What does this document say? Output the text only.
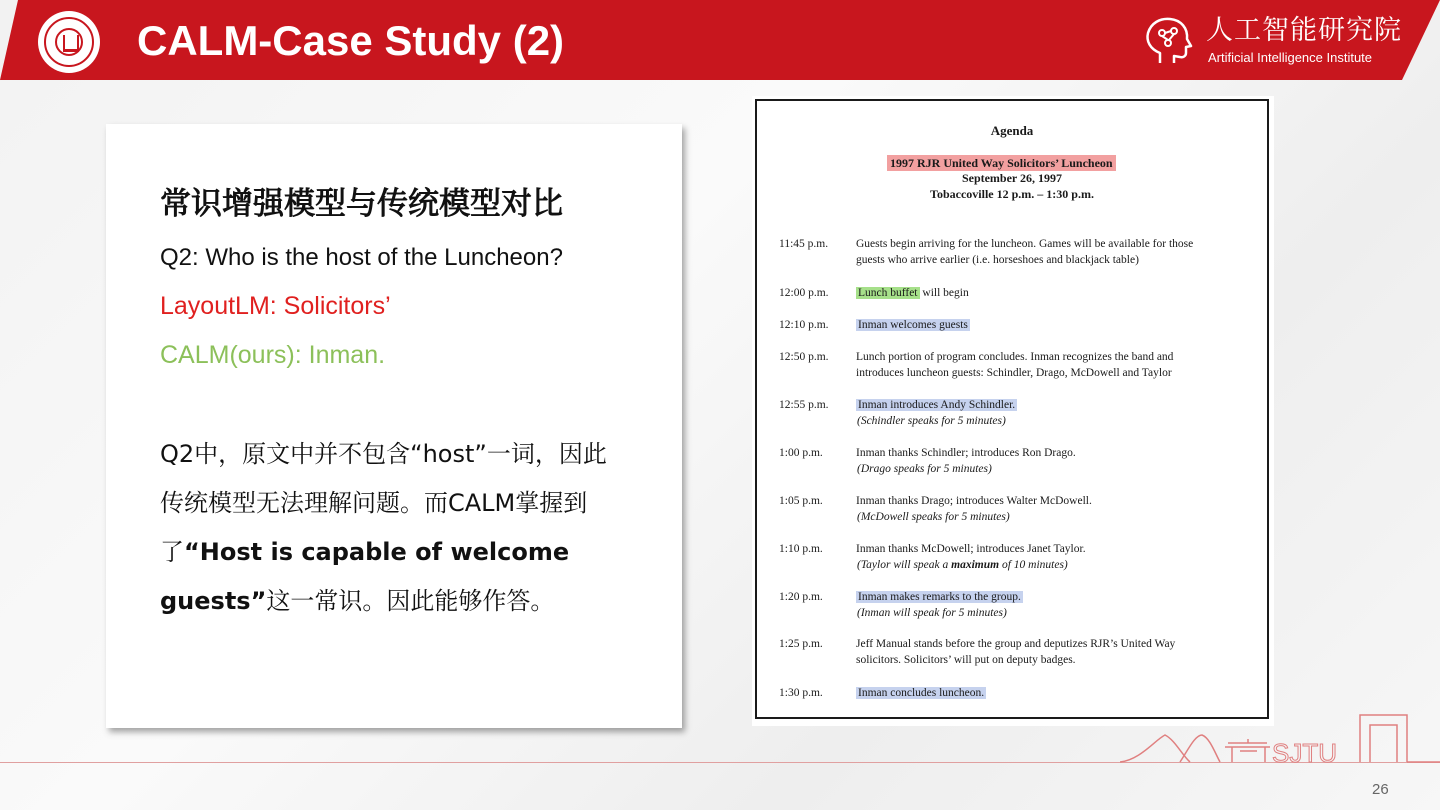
CALM-Case Study (2)	人工智能研究院
Artificial Intelligence Institute
常识增强模型与传统模型对比
Q2: Who is the host of the Luncheon?
LayoutLM: Solicitors’
CALM(ours): Inman.
Q2中，原文中并不包含“host”一词，因此传统模型无法理解问题。而CALM掌握到了“Host is capable of welcome guests”这一常识。因此能够作答。
Agenda
1997 RJR United Way Solicitors’ Luncheon
September 26, 1997
Tobaccoville 12 p.m. – 1:30 p.m.
11:45 p.m. Guests begin arriving for the luncheon. Games will be available for those
guests who arrive earlier (i.e. horseshoes and blackjack table)
12:00 p.m.	Lunch buffet will begin
12:10 p.m.	Inman welcomes guests
12:50 p.m. Lunch portion of program concludes. Inman recognizes the band and
introduces luncheon guests: Schindler, Drago, McDowell and Taylor
12:55 p.m.	Inman introduces Andy Schindler.
(Schindler speaks for 5 minutes)
1:00 p.m.	Inman thanks Schindler; introduces Ron Drago.
(Drago speaks for 5 minutes)
1:05 p.m.	Inman thanks Drago; introduces Walter McDowell.
(McDowell speaks for 5 minutes)
1:10 p.m.	Inman thanks McDowell; introduces Janet Taylor.
(Taylor will speak a maximum of 10 minutes)
1:20 p.m.	Inman makes remarks to the group.
(Inman will speak for 5 minutes)
1:25 p.m.	Jeff Manual stands before the group and deputizes RJR’s United Way
solicitors. Solicitors’ will put on deputy badges.
1:30 p.m.	Inman concludes luncheon.
SJTU
26
